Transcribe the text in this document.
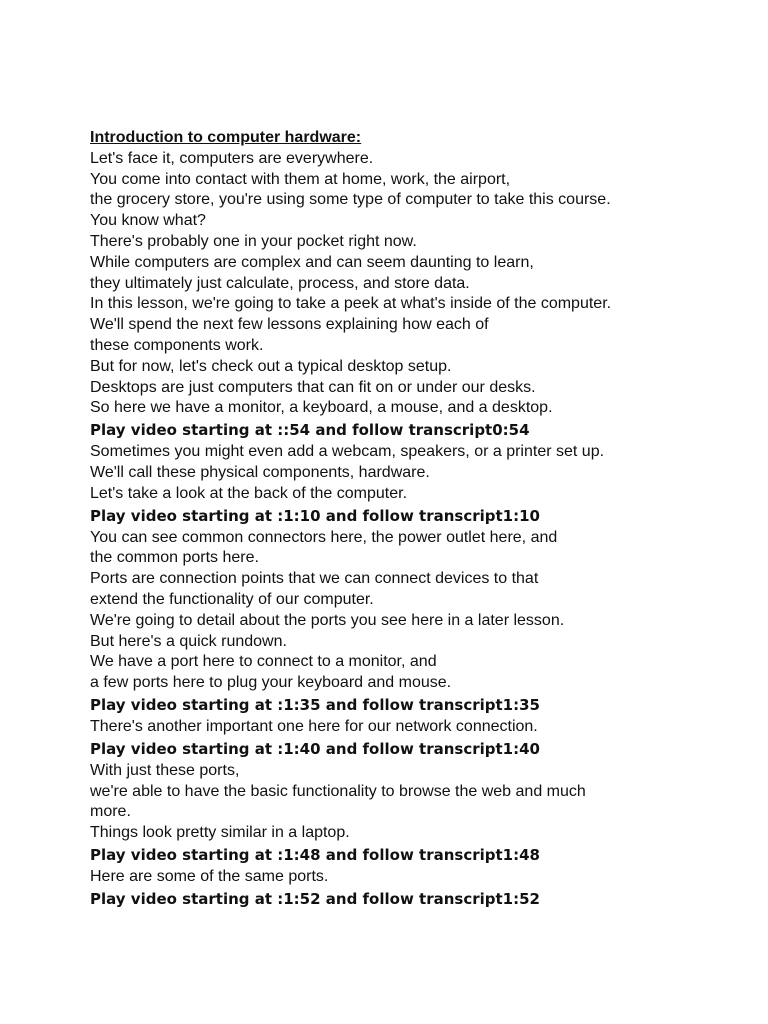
Introduction to computer hardware:

Let's face it, computers are everywhere.

You come into contact with them at home, work, the airport,

the grocery store, you're using some type of computer to take this course.

You know what?

There's probably one in your pocket right now.

While computers are complex and can seem daunting to learn,

they ultimately just calculate, process, and store data.

In this lesson, we're going to take a peek at what's inside of the computer.

We'll spend the next few lessons explaining how each of

these components work.

But for now, let's check out a typical desktop setup.

Desktops are just computers that can fit on or under our desks.

So here we have a monitor, a keyboard, a mouse, and a desktop.

Play video starting at ::54 and follow transcript0:54

Sometimes you might even add a webcam, speakers, or a printer set up.

We'll call these physical components, hardware.

Let's take a look at the back of the computer.

Play video starting at :1:10 and follow transcript1:10

You can see common connectors here, the power outlet here, and

the common ports here.

Ports are connection points that we can connect devices to that

extend the functionality of our computer.

We're going to detail about the ports you see here in a later lesson.

But here's a quick rundown.

We have a port here to connect to a monitor, and

a few ports here to plug your keyboard and mouse.

Play video starting at :1:35 and follow transcript1:35

There's another important one here for our network connection.

Play video starting at :1:40 and follow transcript1:40

With just these ports,

we're able to have the basic functionality to browse the web and much

more.

Things look pretty similar in a laptop.

Play video starting at :1:48 and follow transcript1:48

Here are some of the same ports.

Play video starting at :1:52 and follow transcript1:52
